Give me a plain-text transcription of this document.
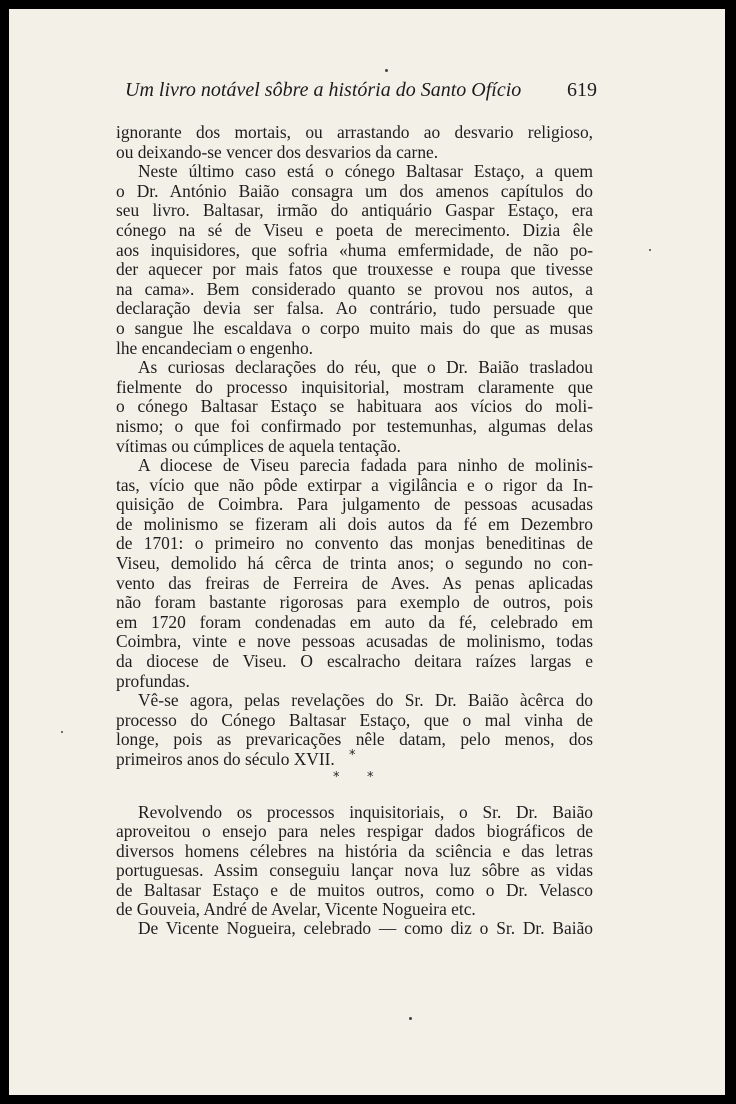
Um livro notável sôbre a história do Santo Ofício 619
ignorante dos mortais, ou arrastando ao desvario religioso,
ou deixando-se vencer dos desvarios da carne.
Neste último caso está o cónego Baltasar Estaço, a quem
o Dr. António Baião consagra um dos amenos capítulos do
seu livro. Baltasar, irmão do antiquário Gaspar Estaço, era
cónego na sé de Viseu e poeta de merecimento. Dizia êle
aos inquisidores, que sofria «huma emfermidade, de não po-
der aquecer por mais fatos que trouxesse e roupa que tivesse
na cama». Bem considerado quanto se provou nos autos, a
declaração devia ser falsa. Ao contrário, tudo persuade que
o sangue lhe escaldava o corpo muito mais do que as musas
lhe encandeciam o engenho.
As curiosas declarações do réu, que o Dr. Baião trasladou
fielmente do processo inquisitorial, mostram claramente que
o cónego Baltasar Estaço se habituara aos vícios do moli-
nismo; o que foi confirmado por testemunhas, algumas delas
vítimas ou cúmplices de aquela tentação.
A diocese de Viseu parecia fadada para ninho de molinis-
tas, vício que não pôde extirpar a vigilância e o rigor da In-
quisição de Coimbra. Para julgamento de pessoas acusadas
de molinismo se fizeram ali dois autos da fé em Dezembro
de 1701: o primeiro no convento das monjas beneditinas de
Viseu, demolido há cêrca de trinta anos; o segundo no con-
vento das freiras de Ferreira de Aves. As penas aplicadas
não foram bastante rigorosas para exemplo de outros, pois
em 1720 foram condenadas em auto da fé, celebrado em
Coimbra, vinte e nove pessoas acusadas de molinismo, todas
da diocese de Viseu. O escalracho deitara raízes largas e
profundas.
Vê-se agora, pelas revelações do Sr. Dr. Baião àcêrca do
processo do Cónego Baltasar Estaço, que o mal vinha de
longe, pois as prevaricações nêle datam, pelo menos, dos
primeiros anos do século XVII.	*
* *
Revolvendo os processos inquisitoriais, o Sr. Dr. Baião
aproveitou o ensejo para neles respigar dados biográficos de
diversos homens célebres na história da sciência e das letras
portuguesas. Assim conseguiu lançar nova luz sôbre as vidas
de Baltasar Estaço e de muitos outros, como o Dr. Velasco
de Gouveia, André de Avelar, Vicente Nogueira etc.
De Vicente Nogueira, celebrado — como diz o Sr. Dr. Baião
